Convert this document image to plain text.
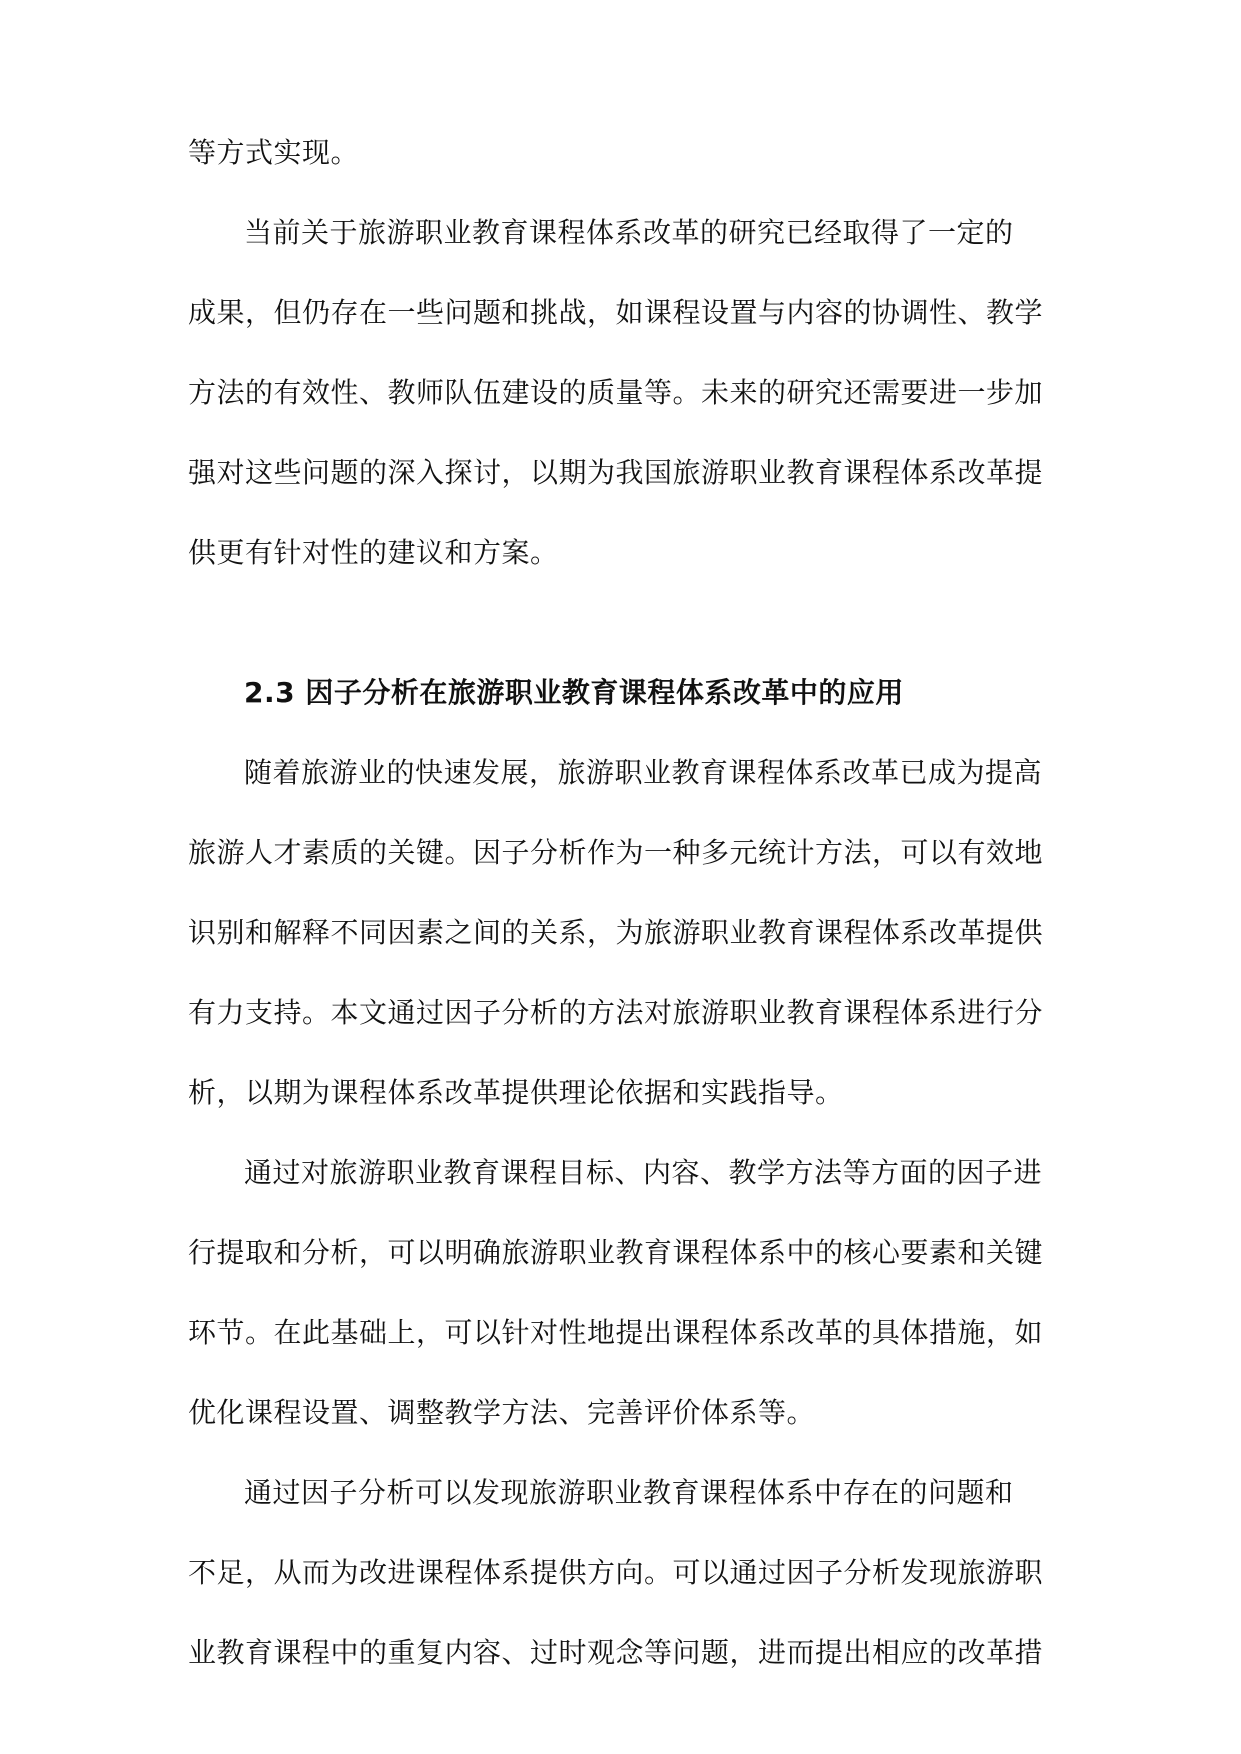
等方式实现。
当前关于旅游职业教育课程体系改革的研究已经取得了一定的
成果，但仍存在一些问题和挑战，如课程设置与内容的协调性、教学
方法的有效性、教师队伍建设的质量等。未来的研究还需要进一步加
强对这些问题的深入探讨，以期为我国旅游职业教育课程体系改革提
供更有针对性的建议和方案。
2.3 因子分析在旅游职业教育课程体系改革中的应用
随着旅游业的快速发展，旅游职业教育课程体系改革已成为提高
旅游人才素质的关键。因子分析作为一种多元统计方法，可以有效地
识别和解释不同因素之间的关系，为旅游职业教育课程体系改革提供
有力支持。本文通过因子分析的方法对旅游职业教育课程体系进行分
析，以期为课程体系改革提供理论依据和实践指导。
通过对旅游职业教育课程目标、内容、教学方法等方面的因子进
行提取和分析，可以明确旅游职业教育课程体系中的核心要素和关键
环节。在此基础上，可以针对性地提出课程体系改革的具体措施，如
优化课程设置、调整教学方法、完善评价体系等。
通过因子分析可以发现旅游职业教育课程体系中存在的问题和
不足，从而为改进课程体系提供方向。可以通过因子分析发现旅游职
业教育课程中的重复内容、过时观念等问题，进而提出相应的改革措
